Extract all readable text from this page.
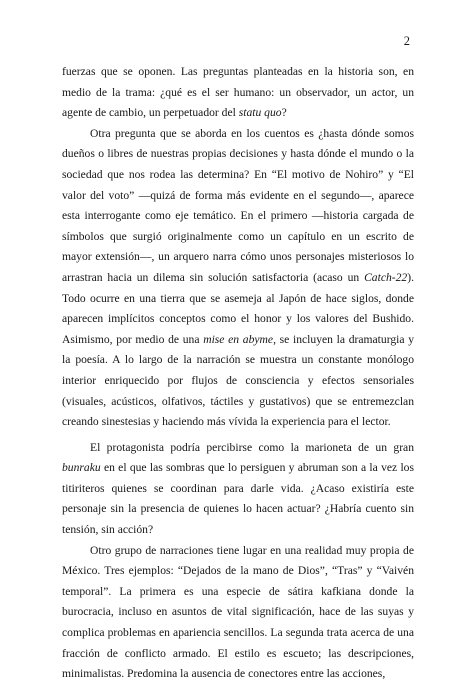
2

fuerzas que se oponen. Las preguntas planteadas en la historia son, en medio de la trama: ¿qué es el ser humano: un observador, un actor, un agente de cambio, un perpetuador del statu quo?

Otra pregunta que se aborda en los cuentos es ¿hasta dónde somos dueños o libres de nuestras propias decisiones y hasta dónde el mundo o la sociedad que nos rodea las determina? En “El motivo de Nohiro” y “El valor del voto” —quizá de forma más evidente en el segundo—, aparece esta interrogante como eje temático. En el primero —historia cargada de símbolos que surgió originalmente como un capítulo en un escrito de mayor extensión—, un arquero narra cómo unos personajes misteriosos lo arrastran hacia un dilema sin solución satisfactoria (acaso un Catch-22). Todo ocurre en una tierra que se asemeja al Japón de hace siglos, donde aparecen implícitos conceptos como el honor y los valores del Bushido. Asimismo, por medio de una mise en abyme, se incluyen la dramaturgia y la poesía. A lo largo de la narración se muestra un constante monólogo interior enriquecido por flujos de consciencia y efectos sensoriales (visuales, acústicos, olfativos, táctiles y gustativos) que se entremezclan creando sinestesias y haciendo más vívida la experiencia para el lector.

El protagonista podría percibirse como la marioneta de un gran bunraku en el que las sombras que lo persiguen y abruman son a la vez los titiriteros quienes se coordinan para darle vida. ¿Acaso existiría este personaje sin la presencia de quienes lo hacen actuar? ¿Habría cuento sin tensión, sin acción?

Otro grupo de narraciones tiene lugar en una realidad muy propia de México. Tres ejemplos: “Dejados de la mano de Dios”, “Tras” y “Vaivén temporal”. La primera es una especie de sátira kafkiana donde la burocracia, incluso en asuntos de vital significación, hace de las suyas y complica problemas en apariencia sencillos. La segunda trata acerca de una fracción de conflicto armado. El estilo es escueto; las descripciones, minimalistas. Predomina la ausencia de conectores entre las acciones,
